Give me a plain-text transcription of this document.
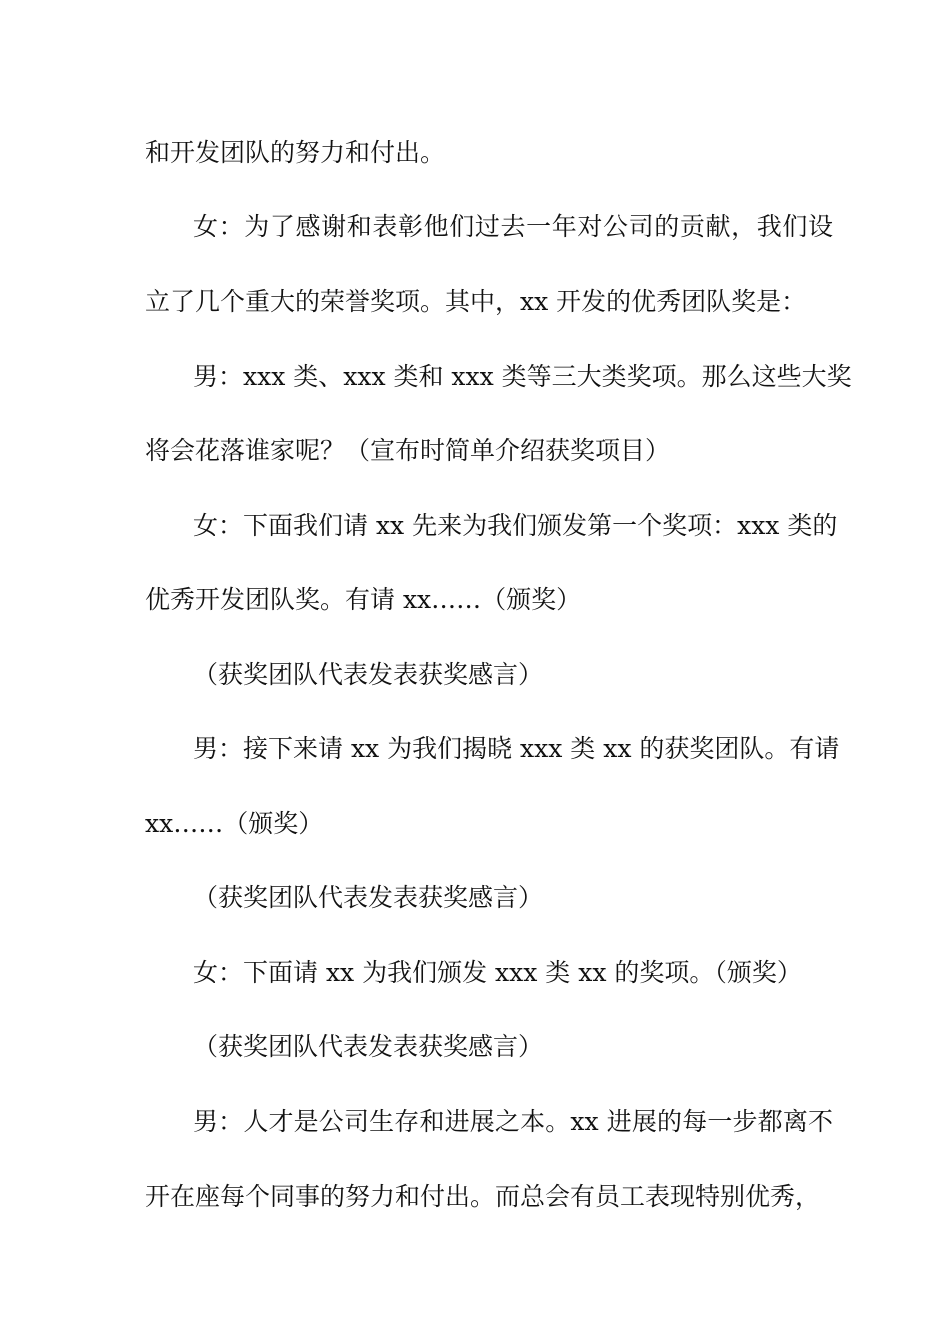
和开发团队的努力和付出。

女：为了感谢和表彰他们过去一年对公司的贡献，我们设

立了几个重大的荣誉奖项。其中，xx 开发的优秀团队奖是：

男：xxx 类、xxx 类和 xxx 类等三大类奖项。那么这些大奖

将会花落谁家呢？（宣布时简单介绍获奖项目）

女：下面我们请 xx 先来为我们颁发第一个奖项：xxx 类的

优秀开发团队奖。有请 xx……（颁奖）

（获奖团队代表发表获奖感言）

男：接下来请 xx 为我们揭晓 xxx 类 xx 的获奖团队。有请

xx……（颁奖）

（获奖团队代表发表获奖感言）

女：下面请 xx 为我们颁发 xxx 类 xx 的奖项。（颁奖）

（获奖团队代表发表获奖感言）

男：人才是公司生存和进展之本。xx 进展的每一步都离不

开在座每个同事的努力和付出。而总会有员工表现特别优秀，
